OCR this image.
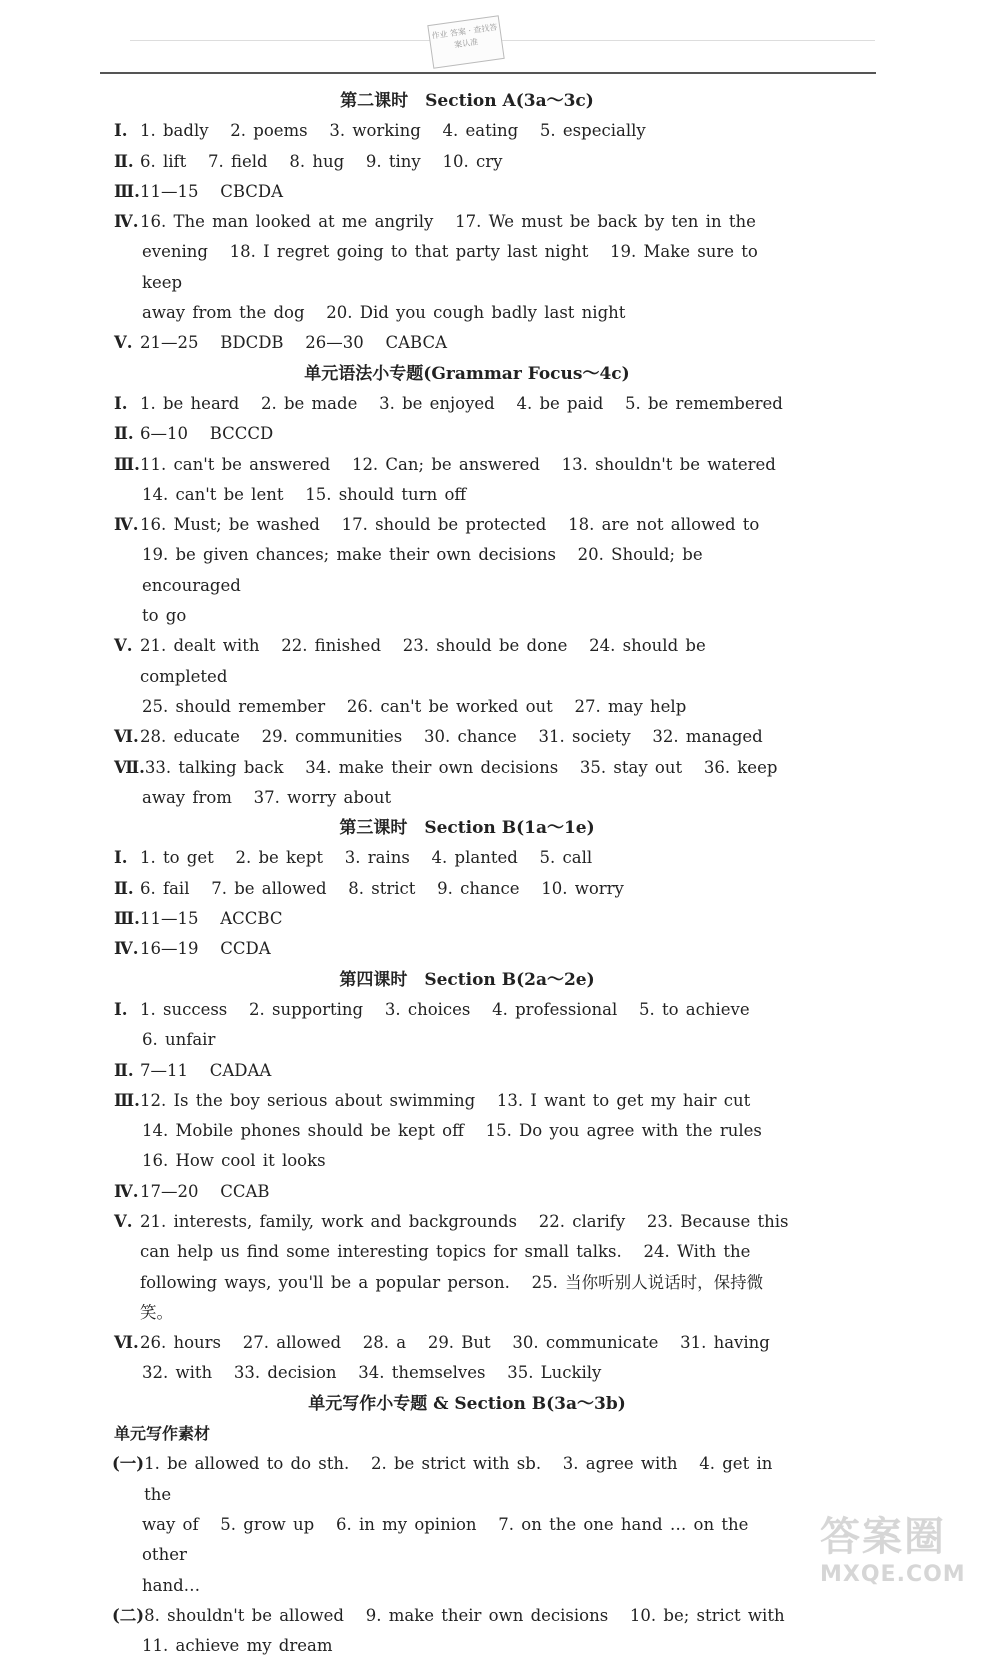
作业 答案 · 查找答案认准
第二课时　Section A(3a～3c)
Ⅰ. 1. badly   2. poems   3. working   4. eating   5. especially
Ⅱ. 6. lift   7. field   8. hug   9. tiny   10. cry
Ⅲ. 11—15   CBCDA
Ⅳ. 16. The man looked at me angrily   17. We must be back by ten in the
evening   18. I regret going to that party last night   19. Make sure to keep
away from the dog   20. Did you cough badly last night
Ⅴ. 21—25   BDCDB   26—30   CABCA
单元语法小专题(Grammar Focus～4c)
Ⅰ. 1. be heard   2. be made   3. be enjoyed   4. be paid   5. be remembered
Ⅱ. 6—10   BCCCD
Ⅲ. 11. can't be answered   12. Can; be answered   13. shouldn't be watered
14. can't be lent   15. should turn off
Ⅳ. 16. Must; be washed   17. should be protected   18. are not allowed to
19. be given chances; make their own decisions   20. Should; be encouraged
to go
Ⅴ. 21. dealt with   22. finished   23. should be done   24. should be completed
25. should remember   26. can't be worked out   27. may help
Ⅵ. 28. educate   29. communities   30. chance   31. society   32. managed
Ⅶ. 33. talking back   34. make their own decisions   35. stay out   36. keep
away from   37. worry about
第三课时　Section B(1a～1e)
Ⅰ. 1. to get   2. be kept   3. rains   4. planted   5. call
Ⅱ. 6. fail   7. be allowed   8. strict   9. chance   10. worry
Ⅲ. 11—15   ACCBC
Ⅳ. 16—19   CCDA
第四课时　Section B(2a～2e)
Ⅰ. 1. success   2. supporting   3. choices   4. professional   5. to achieve
6. unfair
Ⅱ. 7—11   CADAA
Ⅲ. 12. Is the boy serious about swimming   13. I want to get my hair cut
14. Mobile phones should be kept off   15. Do you agree with the rules
16. How cool it looks
Ⅳ. 17—20   CCAB
Ⅴ. 21. interests, family, work and backgrounds   22. clarify   23. Because this
can help us find some interesting topics for small talks.   24. With the
following ways, you'll be a popular person.   25. 当你听别人说话时，保持微笑。
Ⅵ. 26. hours   27. allowed   28. a   29. But   30. communicate   31. having
32. with   33. decision   34. themselves   35. Luckily
单元写作小专题 & Section B(3a～3b)
单元写作素材
(一) 1. be allowed to do sth.   2. be strict with sb.   3. agree with   4. get in the
way of   5. grow up   6. in my opinion   7. on the one hand … on the other
hand…
(二) 8. shouldn't be allowed   9. make their own decisions   10. be; strict with
11. achieve my dream
答案圈
MXQE.COM
